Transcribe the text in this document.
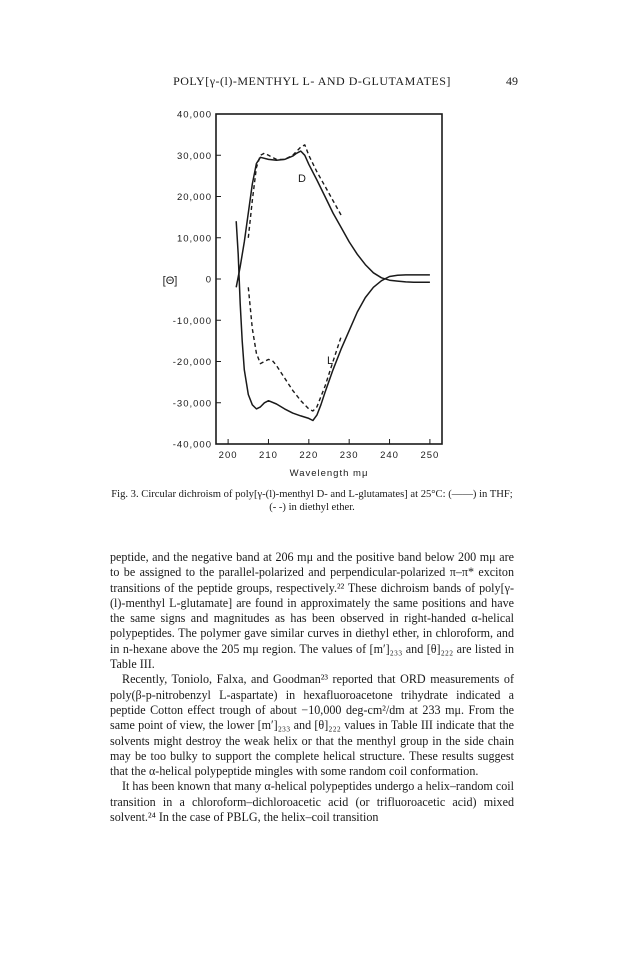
POLY[γ-(l)-MENTHYL L- AND D-GLUTAMATES]	49
40,000
30,000
20,000
10,000
0
-10,000
-20,000
-30,000
-40,000
200 210 220 230 240 250
[Θ]
Wavelength mμ
D
L
Fig. 3. Circular dichroism of poly[γ-(l)-menthyl D- and L-glutamates] at 25°C: (——) in THF; (- -) in diethyl ether.

peptide, and the negative band at 206 mμ and the positive band below 200 mμ are to be assigned to the parallel-polarized and perpendicular-polarized π–π* exciton transitions of the peptide groups, respectively.²² These dichroism bands of poly[γ-(l)-menthyl L-glutamate] are found in approximately the same positions and have the same signs and magnitudes as has been observed in right-handed α-helical polypeptides. The polymer gave similar curves in diethyl ether, in chloroform, and in n-hexane above the 205 mμ region. The values of [m′]₂₃₃ and [θ]₂₂₂ are listed in Table III.

Recently, Toniolo, Falxa, and Goodman²³ reported that ORD measurements of poly(β-p-nitrobenzyl L-aspartate) in hexafluoroacetone trihydrate indicated a peptide Cotton effect trough of about −10,000 deg-cm²/dm at 233 mμ. From the same point of view, the lower [m′]₂₃₃ and [θ]₂₂₂ values in Table III indicate that the solvents might destroy the weak helix or that the menthyl group in the side chain may be too bulky to support the complete helical structure. These results suggest that the α-helical polypeptide mingles with some random coil conformation.

It has been known that many α-helical polypeptides undergo a helix–random coil transition in a chloroform–dichloroacetic acid (or trifluoroacetic acid) mixed solvent.²⁴ In the case of PBLG, the helix–coil transition
